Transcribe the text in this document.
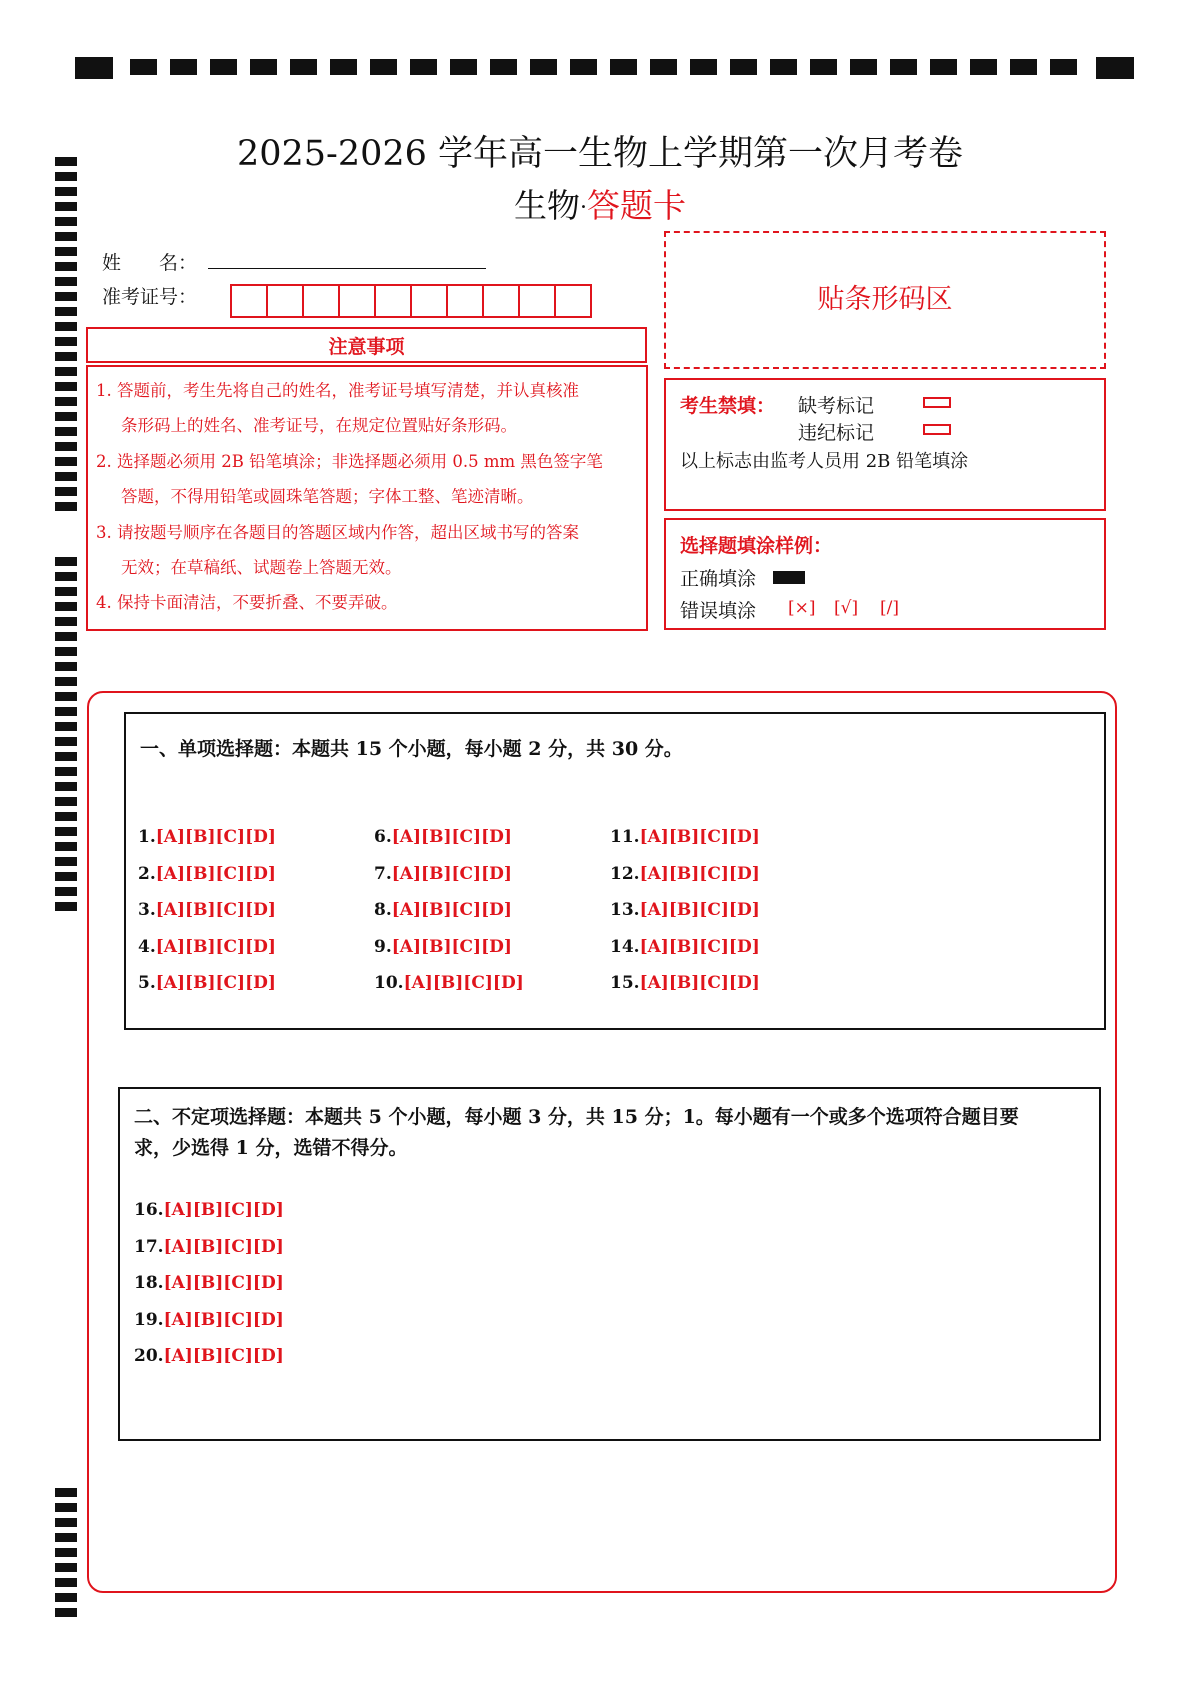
2025-2026 学年高一生物上学期第一次月考卷
生物·答题卡
姓　　名：
准考证号：
注意事项
1. 答题前，考生先将自己的姓名，准考证号填写清楚，并认真核准
条形码上的姓名、准考证号，在规定位置贴好条形码。
2. 选择题必须用 2B 铅笔填涂；非选择题必须用 0.5 mm 黑色签字笔
答题，不得用铅笔或圆珠笔答题；字体工整、笔迹清晰。
3. 请按题号顺序在各题目的答题区域内作答，超出区域书写的答案
无效；在草稿纸、试题卷上答题无效。
4. 保持卡面清洁，不要折叠、不要弄破。
贴条形码区
考生禁填： 缺考标记
违纪标记
以上标志由监考人员用 2B 铅笔填涂
选择题填涂样例：
正确填涂
错误填涂 [×] [√] [/]
一、单项选择题：本题共 15 个小题，每小题 2 分，共 30 分。
1.[A][B][C][D]
2.[A][B][C][D]
3.[A][B][C][D]
4.[A][B][C][D]
5.[A][B][C][D]
6.[A][B][C][D]
7.[A][B][C][D]
8.[A][B][C][D]
9.[A][B][C][D]
10.[A][B][C][D]
11.[A][B][C][D]
12.[A][B][C][D]
13.[A][B][C][D]
14.[A][B][C][D]
15.[A][B][C][D]
二、不定项选择题：本题共 5 个小题，每小题 3 分，共 15 分；1。每小题有一个或多个选项符合题目要
求，少选得 1 分，选错不得分。
16.[A][B][C][D]
17.[A][B][C][D]
18.[A][B][C][D]
19.[A][B][C][D]
20.[A][B][C][D]
